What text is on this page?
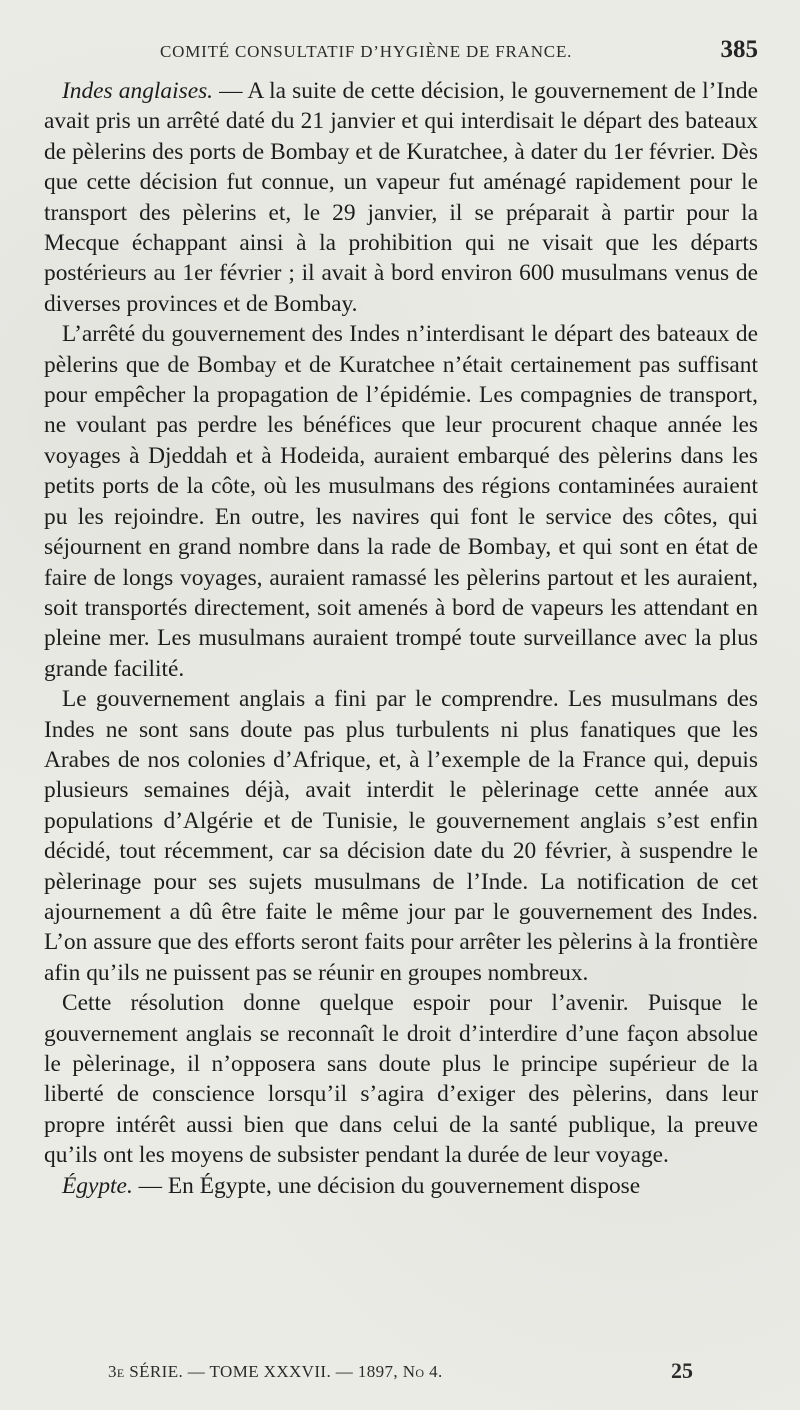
COMITÉ CONSULTATIF D’HYGIÈNE DE FRANCE.	385

Indes anglaises. — A la suite de cette décision, le gouvernement de l’Inde avait pris un arrêté daté du 21 janvier et qui interdisait le départ des bateaux de pèlerins des ports de Bombay et de Kuratchee, à dater du 1er février. Dès que cette décision fut connue, un vapeur fut aménagé rapidement pour le transport des pèlerins et, le 29 janvier, il se préparait à partir pour la Mecque échappant ainsi à la prohibition qui ne visait que les départs postérieurs au 1er février ; il avait à bord environ 600 musulmans venus de diverses provinces et de Bombay.

L’arrêté du gouvernement des Indes n’interdisant le départ des bateaux de pèlerins que de Bombay et de Kuratchee n’était certainement pas suffisant pour empêcher la propagation de l’épidémie. Les compagnies de transport, ne voulant pas perdre les bénéfices que leur procurent chaque année les voyages à Djeddah et à Hodeida, auraient embarqué des pèlerins dans les petits ports de la côte, où les musulmans des régions contaminées auraient pu les rejoindre. En outre, les navires qui font le service des côtes, qui séjournent en grand nombre dans la rade de Bombay, et qui sont en état de faire de longs voyages, auraient ramassé les pèlerins partout et les auraient, soit transportés directement, soit amenés à bord de vapeurs les attendant en pleine mer. Les musulmans auraient trompé toute surveillance avec la plus grande facilité.

Le gouvernement anglais a fini par le comprendre. Les musulmans des Indes ne sont sans doute pas plus turbulents ni plus fanatiques que les Arabes de nos colonies d’Afrique, et, à l’exemple de la France qui, depuis plusieurs semaines déjà, avait interdit le pèlerinage cette année aux populations d’Algérie et de Tunisie, le gouvernement anglais s’est enfin décidé, tout récemment, car sa décision date du 20 février, à suspendre le pèlerinage pour ses sujets musulmans de l’Inde. La notification de cet ajournement a dû être faite le même jour par le gouvernement des Indes. L’on assure que des efforts seront faits pour arrêter les pèlerins à la frontière afin qu’ils ne puissent pas se réunir en groupes nombreux.

Cette résolution donne quelque espoir pour l’avenir. Puisque le gouvernement anglais se reconnaît le droit d’interdire d’une façon absolue le pèlerinage, il n’opposera sans doute plus le principe supérieur de la liberté de conscience lorsqu’il s’agira d’exiger des pèlerins, dans leur propre intérêt aussi bien que dans celui de la santé publique, la preuve qu’ils ont les moyens de subsister pendant la durée de leur voyage.

Égypte. — En Égypte, une décision du gouvernement dispose

3e SÉRIE. — TOME XXXVII. — 1897, No 4.	25
